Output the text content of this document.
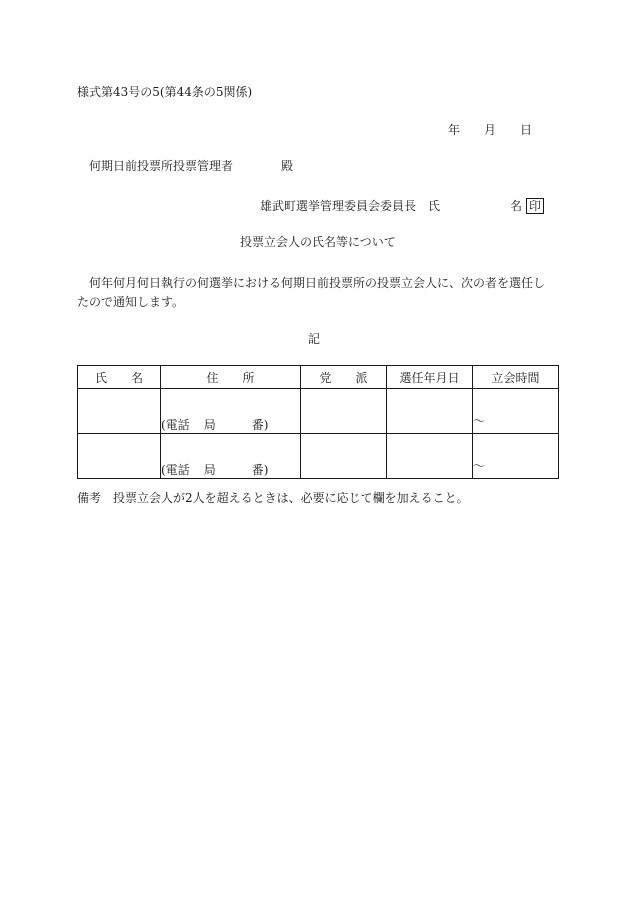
様式第43号の5(第44条の5関係)
年 月 日
何期日前投票所投票管理者	殿
雄武町選挙管理委員会委員長 氏	名 印
投票立会人の氏名等について
何年何月何日執行の何選挙における何期日前投票所の投票立会人に、次の者を選任したので通知します。
記
氏　　名	住　　所	党　　派	選任年月日	立会時間
	(電話 局 番)			～

	(電話 局 番)			～
備考　投票立会人が2人を超えるときは、必要に応じて欄を加えること。
